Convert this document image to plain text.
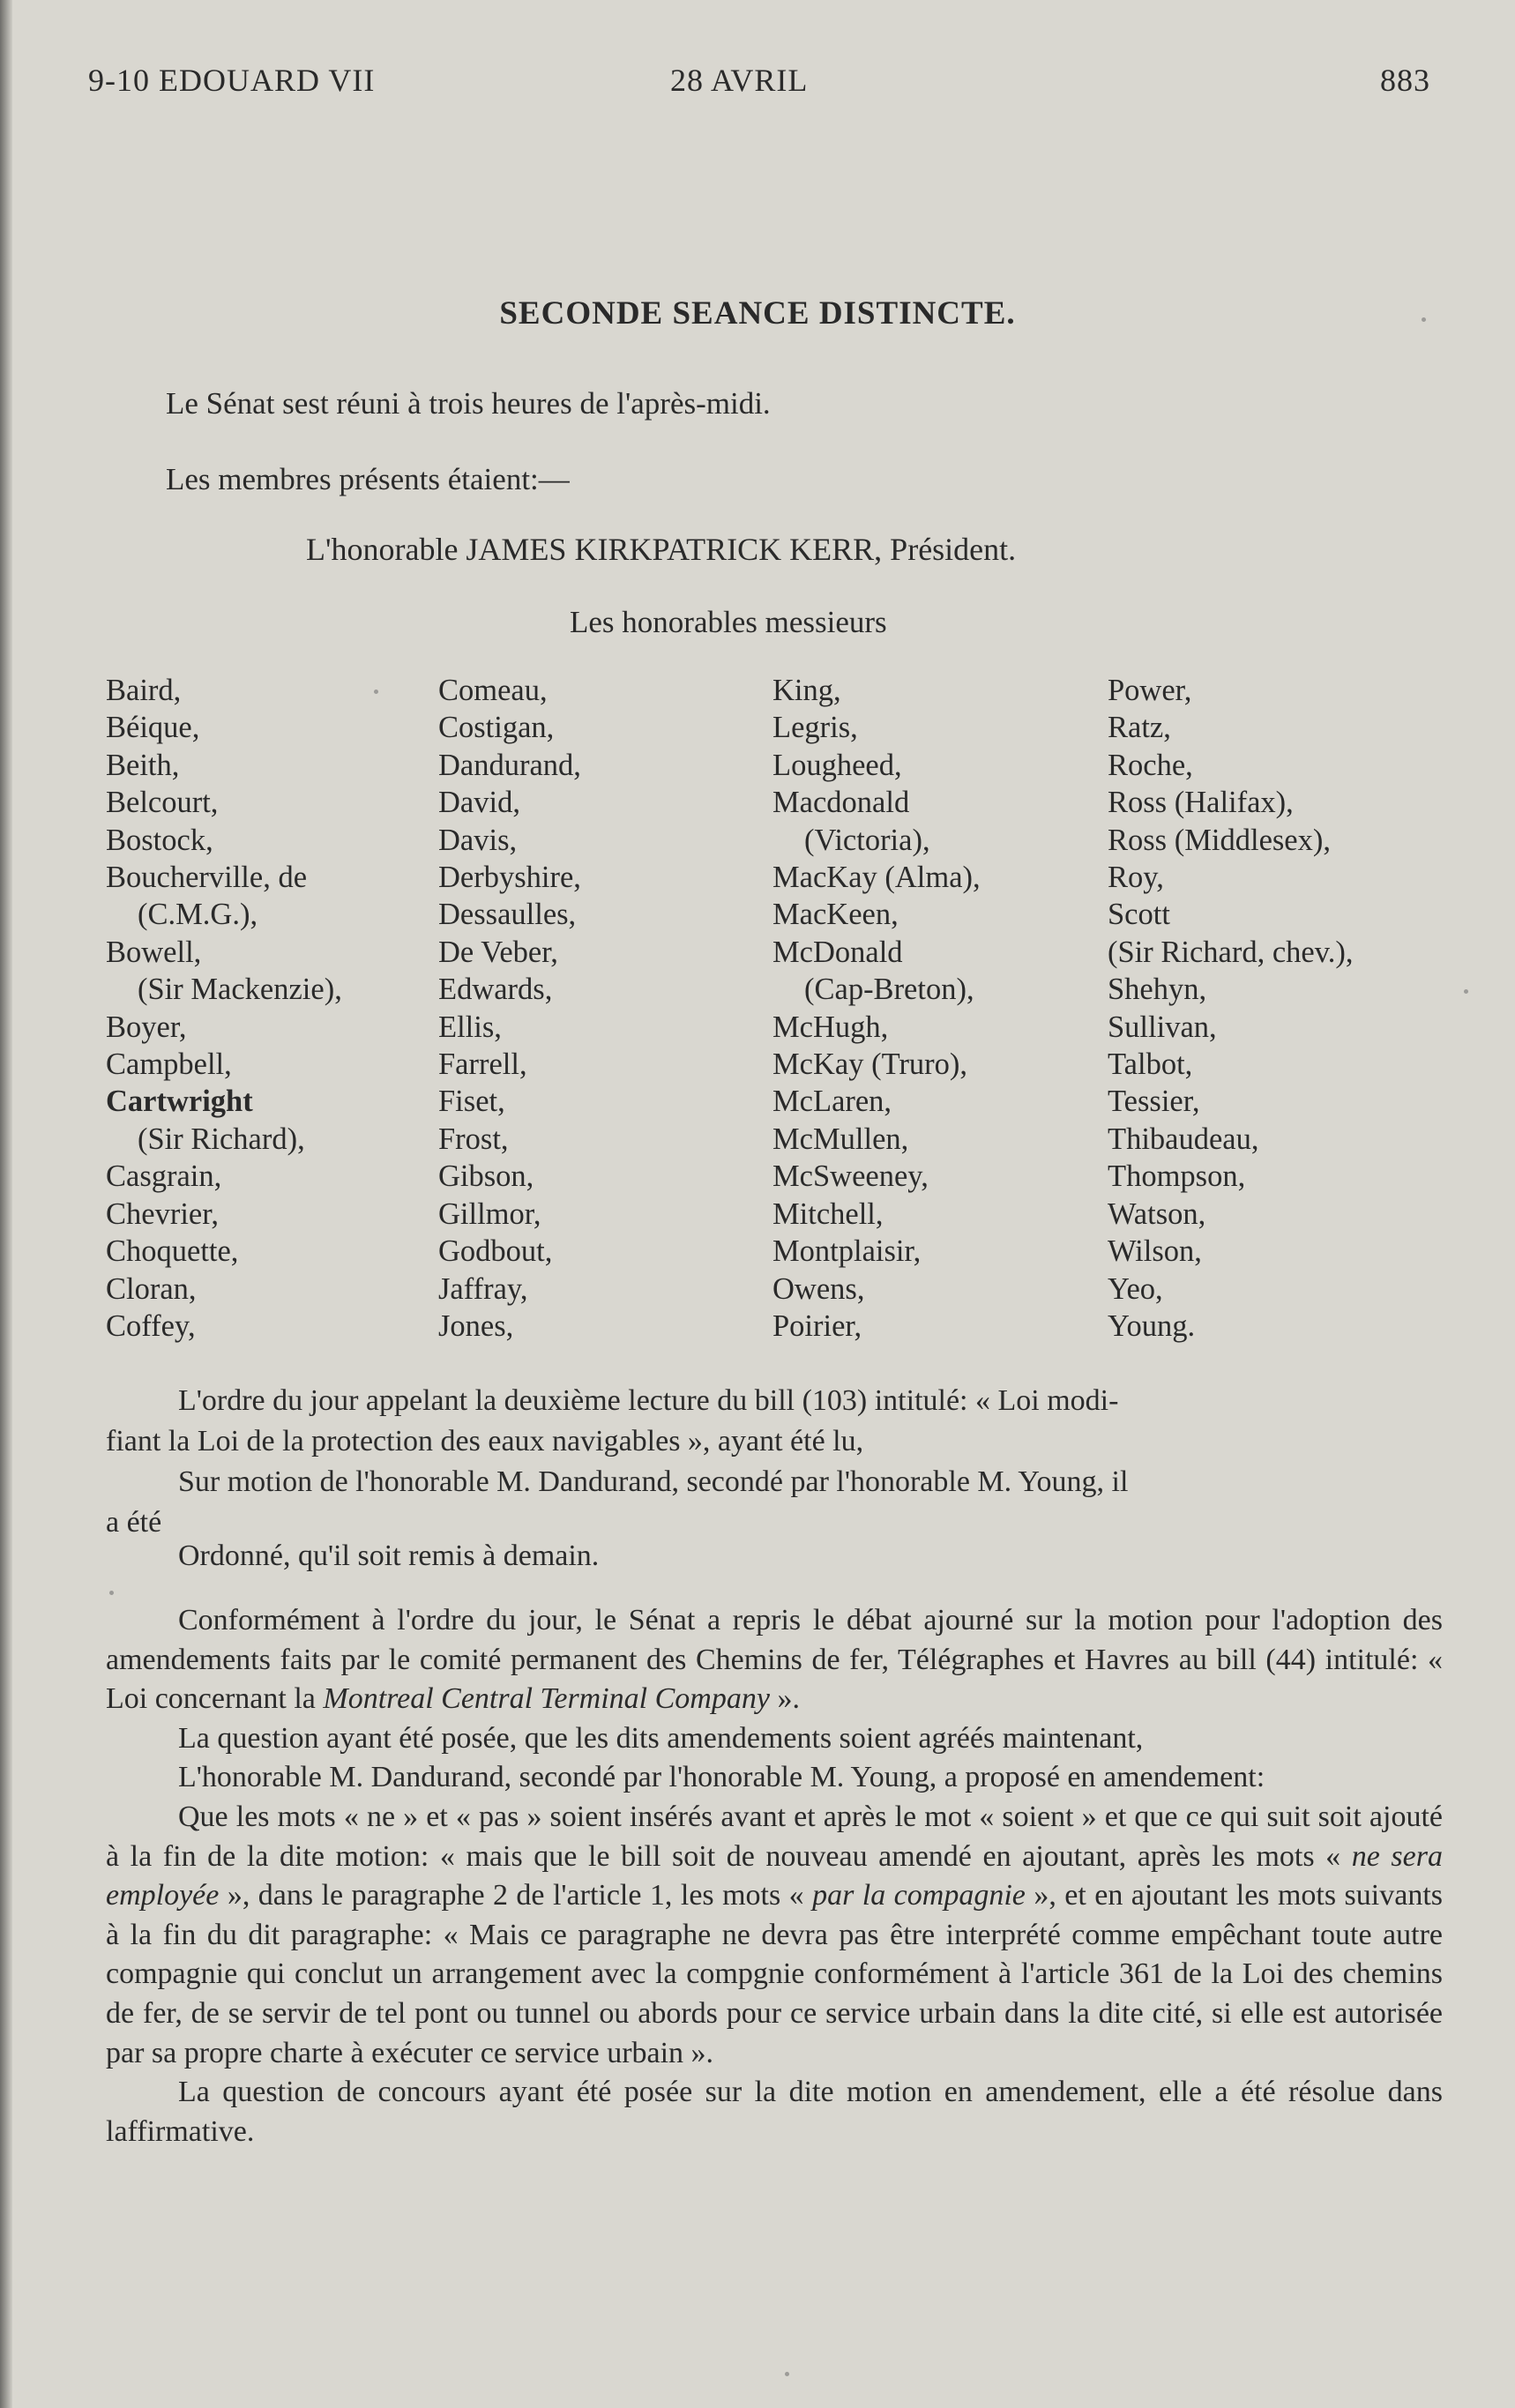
9-10 EDOUARD VII	28 AVRIL	883
SECONDE SEANCE DISTINCTE.
Le Sénat sest réuni à trois heures de l'après-midi.
Les membres présents étaient:—
L'honorable JAMES KIRKPATRICK KERR, Président.
Les honorables messieurs
Baird,
Béique,
Beith,
Belcourt,
Bostock,
Boucherville, de
(C.M.G.),
Bowell,
(Sir Mackenzie),
Boyer,
Campbell,
Cartwright
(Sir Richard),
Casgrain,
Chevrier,
Choquette,
Cloran,
Coffey,
Comeau,
Costigan,
Dandurand,
David,
Davis,
Derbyshire,
Dessaulles,
De Veber,
Edwards,
Ellis,
Farrell,
Fiset,
Frost,
Gibson,
Gillmor,
Godbout,
Jaffray,
Jones,
King,
Legris,
Lougheed,
Macdonald
(Victoria),
MacKay (Alma),
MacKeen,
McDonald
(Cap-Breton),
McHugh,
McKay (Truro),
McLaren,
McMullen,
McSweeney,
Mitchell,
Montplaisir,
Owens,
Poirier,
Power,
Ratz,
Roche,
Ross (Halifax),
Ross (Middlesex),
Roy,
Scott
(Sir Richard, chev.),
Shehyn,
Sullivan,
Talbot,
Tessier,
Thibaudeau,
Thompson,
Watson,
Wilson,
Yeo,
Young.
L'ordre du jour appelant la deuxième lecture du bill (103) intitulé: « Loi modi-
fiant la Loi de la protection des eaux navigables », ayant été lu,
Sur motion de l'honorable M. Dandurand, secondé par l'honorable M. Young, il
a été
Ordonné, qu'il soit remis à demain.

Conformément à l'ordre du jour, le Sénat a repris le débat ajourné sur la motion pour l'adoption des amendements faits par le comité permanent des Chemins de fer, Télégraphes et Havres au bill (44) intitulé: « Loi concernant la Montreal Central Terminal Company ».

La question ayant été posée, que les dits amendements soient agréés maintenant,

L'honorable M. Dandurand, secondé par l'honorable M. Young, a proposé en amendement:

Que les mots « ne » et « pas » soient insérés avant et après le mot « soient » et que ce qui suit soit ajouté à la fin de la dite motion: « mais que le bill soit de nouveau amendé en ajoutant, après les mots « ne sera employée », dans le paragraphe 2 de l'article 1, les mots « par la compagnie », et en ajoutant les mots suivants à la fin du dit paragraphe: « Mais ce paragraphe ne devra pas être interprété comme empêchant toute autre compagnie qui conclut un arrangement avec la compgnie conformément à l'article 361 de la Loi des chemins de fer, de se servir de tel pont ou tunnel ou abords pour ce service urbain dans la dite cité, si elle est autorisée par sa propre charte à exécuter ce service urbain ».

La question de concours ayant été posée sur la dite motion en amendement, elle a été résolue dans laffirmative.
